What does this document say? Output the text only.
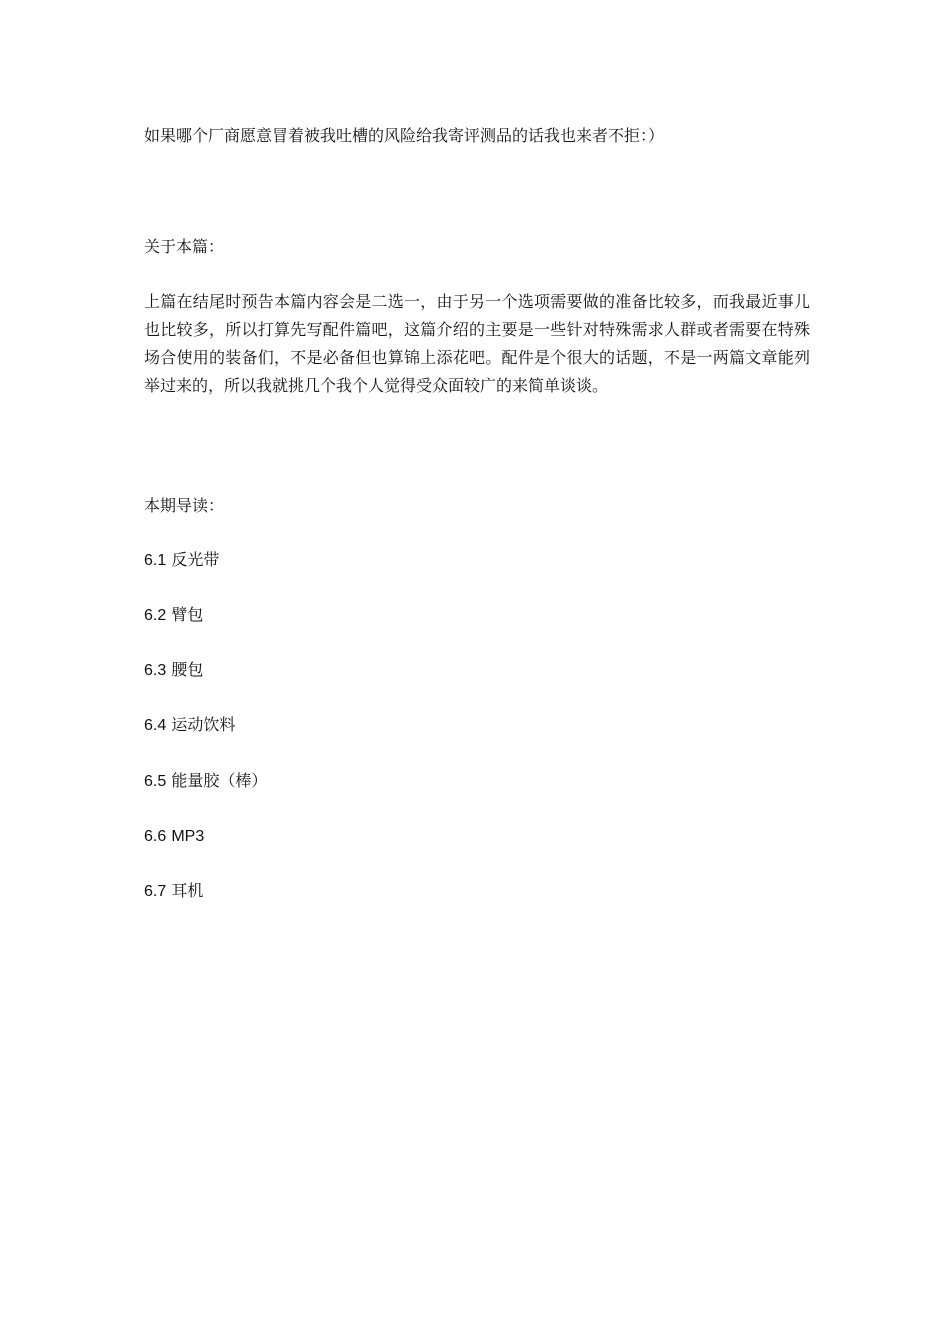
如果哪个厂商愿意冒着被我吐槽的风险给我寄评测品的话我也来者不拒：）
关于本篇：
上篇在结尾时预告本篇内容会是二选一，由于另一个选项需要做的准备比较多，而我最近事儿也比较多，所以打算先写配件篇吧，这篇介绍的主要是一些针对特殊需求人群或者需要在特殊场合使用的装备们，不是必备但也算锦上添花吧。配件是个很大的话题，不是一两篇文章能列举过来的，所以我就挑几个我个人觉得受众面较广的来简单谈谈。
本期导读：
6.1 反光带
6.2 臂包
6.3 腰包
6.4 运动饮料
6.5 能量胶（棒）
6.6 MP3
6.7 耳机
